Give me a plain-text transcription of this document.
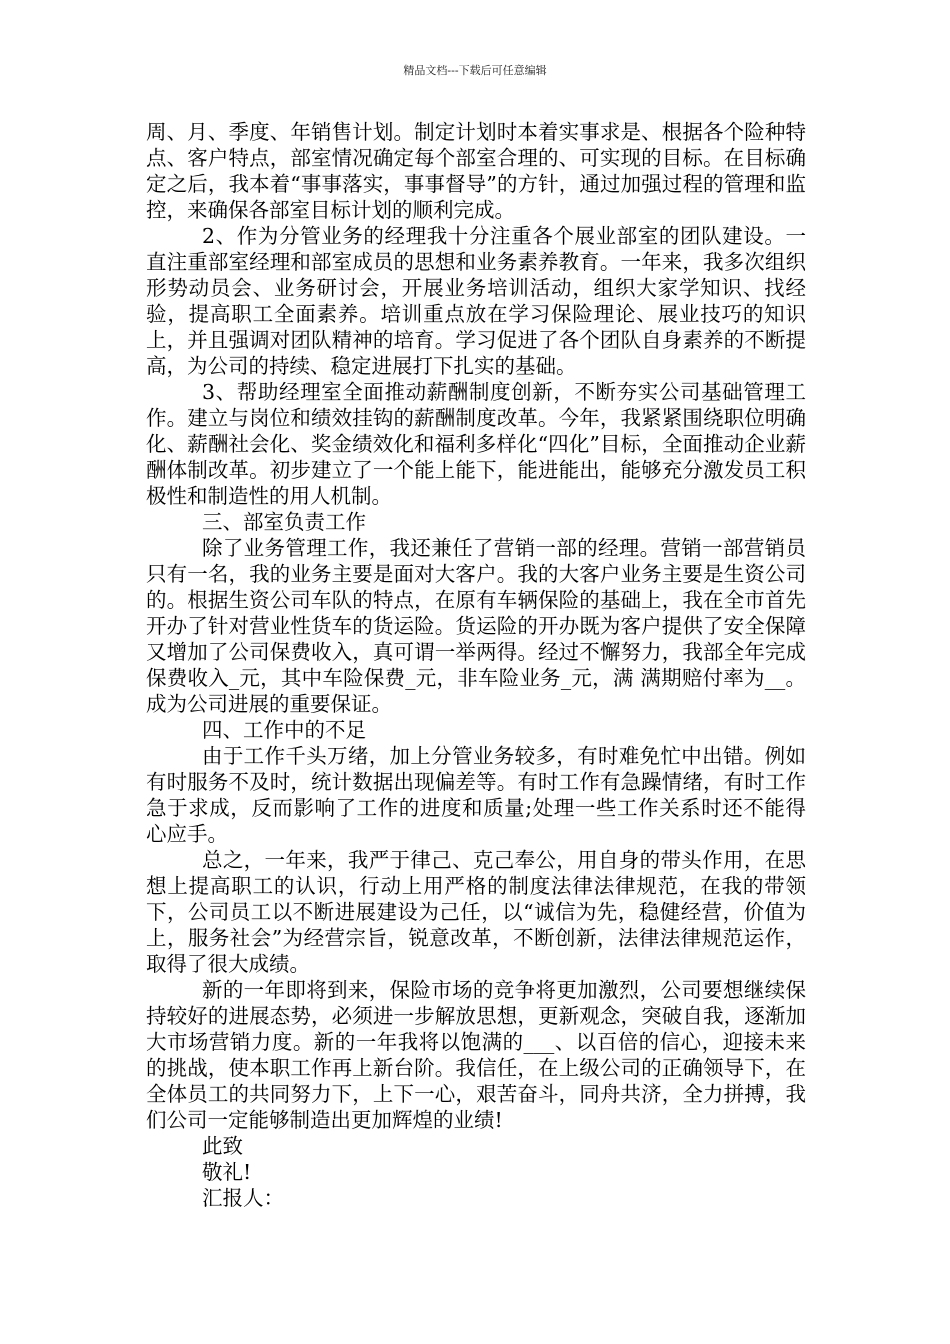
精品文档---下载后可任意编辑

周、月、季度、年销售计划。制定计划时本着实事求是、根据各个险种特点、客户特点，部室情况确定每个部室合理的、可实现的目标。在目标确定之后，我本着“事事落实，事事督导”的方针，通过加强过程的管理和监控，来确保各部室目标计划的顺利完成。

2、作为分管业务的经理我十分注重各个展业部室的团队建设。一直注重部室经理和部室成员的思想和业务素养教育。一年来，我多次组织形势动员会、业务研讨会，开展业务培训活动，组织大家学知识、找经验，提高职工全面素养。培训重点放在学习保险理论、展业技巧的知识上，并且强调对团队精神的培育。学习促进了各个团队自身素养的不断提高，为公司的持续、稳定进展打下扎实的基础。

3、帮助经理室全面推动薪酬制度创新，不断夯实公司基础管理工作。建立与岗位和绩效挂钩的薪酬制度改革。今年，我紧紧围绕职位明确化、薪酬社会化、奖金绩效化和福利多样化“四化”目标，全面推动企业薪酬体制改革。初步建立了一个能上能下，能进能出，能够充分激发员工积极性和制造性的用人机制。

三、部室负责工作

除了业务管理工作，我还兼任了营销一部的经理。营销一部营销员只有一名，我的业务主要是面对大客户。我的大客户业务主要是生资公司的。根据生资公司车队的特点，在原有车辆保险的基础上，我在全市首先开办了针对营业性货车的货运险。货运险的开办既为客户提供了安全保障又增加了公司保费收入，真可谓一举两得。经过不懈努力，我部全年完成保费收入_元，其中车险保费_元，非车险业务_元，满 满期赔付率为__。成为公司进展的重要保证。

四、工作中的不足

由于工作千头万绪，加上分管业务较多，有时难免忙中出错。例如有时服务不及时，统计数据出现偏差等。有时工作有急躁情绪，有时工作急于求成，反而影响了工作的进度和质量;处理一些工作关系时还不能得心应手。

总之，一年来，我严于律己、克己奉公，用自身的带头作用，在思想上提高职工的认识，行动上用严格的制度法律法律规范，在我的带领下，公司员工以不断进展建设为己任，以“诚信为先，稳健经营，价值为上，服务社会”为经营宗旨，锐意改革，不断创新，法律法律规范运作，取得了很大成绩。

新的一年即将到来，保险市场的竞争将更加激烈，公司要想继续保持较好的进展态势，必须进一步解放思想，更新观念，突破自我，逐渐加大市场营销力度。新的一年我将以饱满的___、以百倍的信心，迎接未来的挑战，使本职工作再上新台阶。我信任，在上级公司的正确领导下，在全体员工的共同努力下，上下一心，艰苦奋斗，同舟共济，全力拼搏，我们公司一定能够制造出更加辉煌的业绩!

此致

敬礼!

汇报人：
